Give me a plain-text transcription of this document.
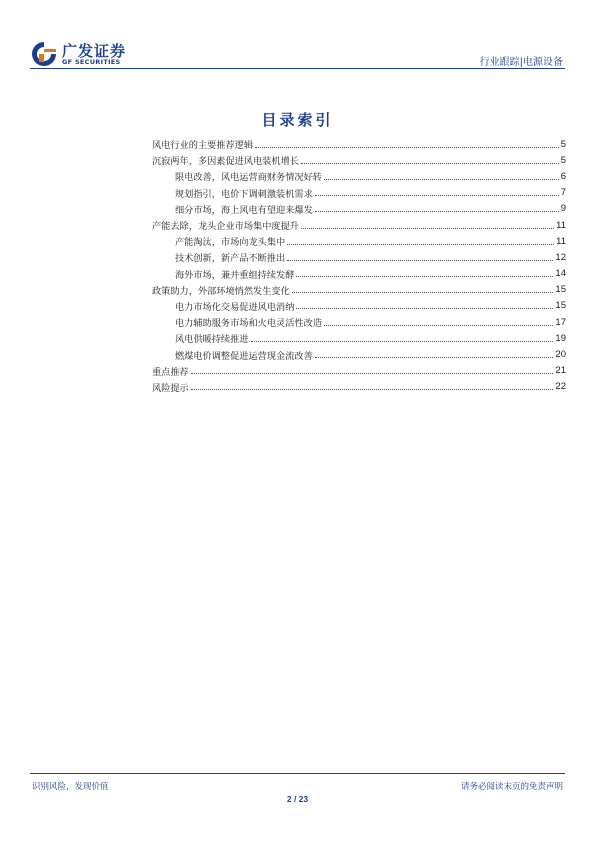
广发证券
GF SECURITIES	行业跟踪|电源设备
目录索引
风电行业的主要推荐逻辑	5
沉寂两年，多因素促进风电装机增长	5
限电改善，风电运营商财务情况好转	6
规划指引，电价下调刺激装机需求	7
细分市场，海上风电有望迎来爆发	9
产能去除，龙头企业市场集中度提升	11
产能淘汰，市场向龙头集中	11
技术创新，新产品不断推出	12
海外市场，兼并重组持续发酵	14
政策助力，外部环境悄然发生变化	15
电力市场化交易促进风电消纳	15
电力辅助服务市场和火电灵活性改造	17
风电供暖持续推进	19
燃煤电价调整促进运营现金流改善	20
重点推荐	21
风险提示	22
识别风险，发现价值	请务必阅读末页的免责声明
2 / 23
